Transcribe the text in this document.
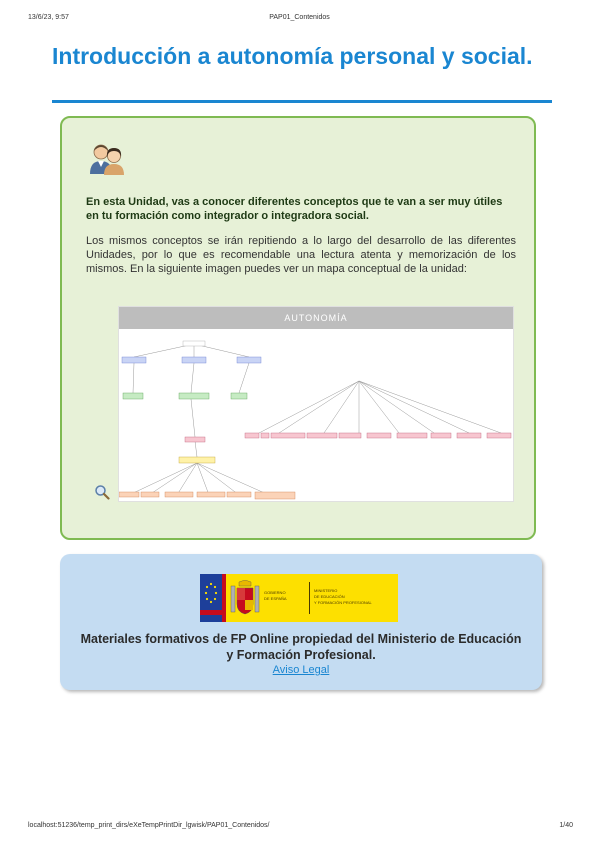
13/6/23, 9:57	PAP01_Contenidos
Introducción a autonomía personal y social.

En esta Unidad, vas a conocer diferentes conceptos que te van a ser muy útiles en tu formación como integrador o integradora social.

Los mismos conceptos se irán repitiendo a lo largo del desarrollo de las diferentes Unidades, por lo que es recomendable una lectura atenta y memorización de los mismos. En la siguiente imagen puedes ver un mapa conceptual de la unidad:

AUTONOMÍA
GOBIERNO
DE ESPAÑA
MINISTERIO
DE EDUCACIÓN
Y FORMACIÓN PROFESIONAL

Materiales formativos de FP Online propiedad del Ministerio de Educación y Formación Profesional.

Aviso Legal
localhost:51236/temp_print_dirs/eXeTempPrintDir_lgwisk/PAP01_Contenidos/	1/40
